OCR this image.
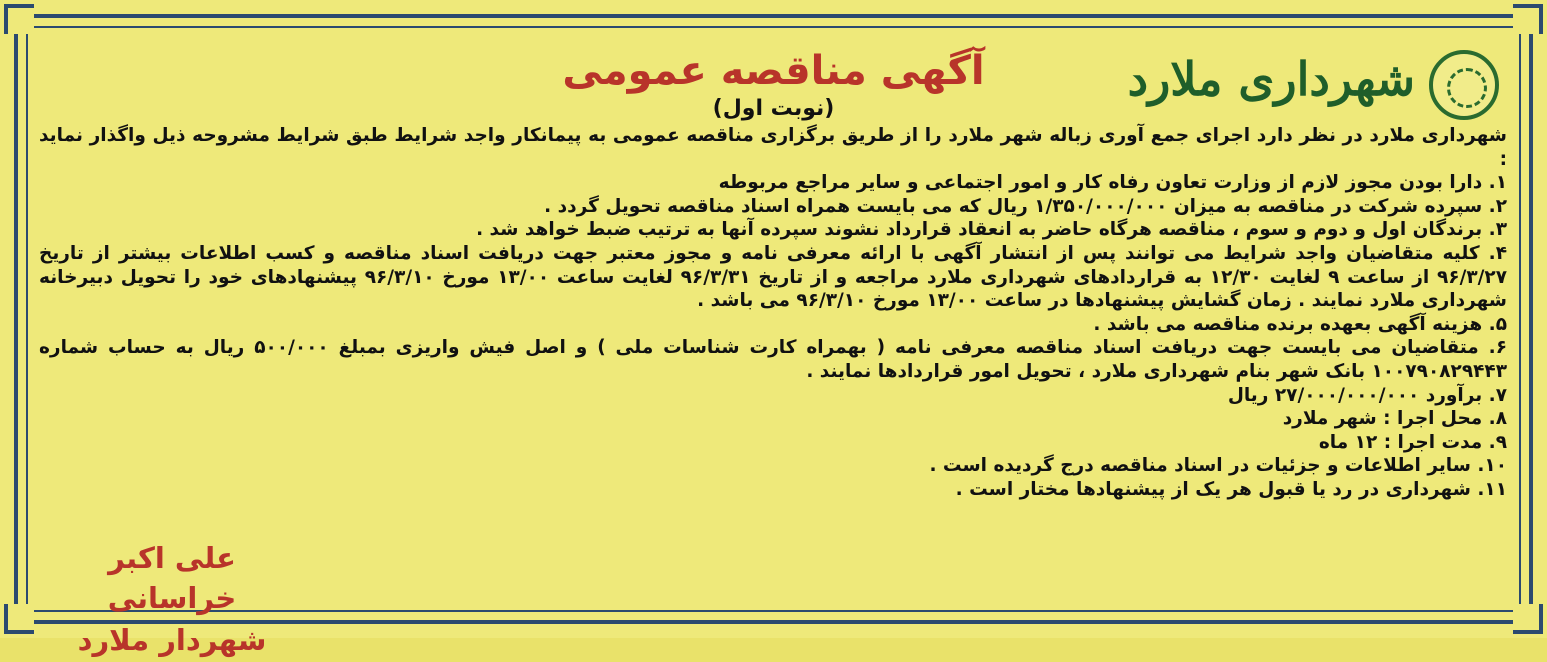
شهرداری ملارد
آگهی مناقصه عمومی
(نوبت اول)

شهرداری ملارد در نظر دارد اجرای جمع آوری زباله شهر ملارد را از طریق برگزاری مناقصه عمومی به پیمانکار واجد شرایط طبق شرایط مشروحه ذیل واگذار نماید :

۱. دارا بودن مجوز لازم از وزارت تعاون رفاه کار و امور اجتماعی و سایر مراجع مربوطه
۲. سپرده شرکت در مناقصه به میزان ۱/۳۵۰/۰۰۰/۰۰۰ ریال که می بایست همراه اسناد مناقصه تحویل گردد .
۳. برندگان اول و دوم و سوم ، مناقصه هرگاه حاضر به انعقاد قرارداد نشوند سپرده آنها به ترتیب ضبط خواهد شد .
۴. کلیه متقاضیان واجد شرایط می توانند پس از انتشار آگهی با ارائه معرفی نامه و مجوز معتبر جهت دریافت اسناد مناقصه و کسب اطلاعات بیشتر از تاریخ ۹۶/۳/۲۷ از ساعت ۹ لغایت ۱۲/۳۰ به قراردادهای شهرداری ملارد مراجعه و از تاریخ ۹۶/۳/۳۱ لغایت ساعت ۱۳/۰۰ مورخ ۹۶/۳/۱۰ پیشنهادهای خود را تحویل دبیرخانه شهرداری ملارد نمایند . زمان گشایش پیشنهادها در ساعت ۱۳/۰۰ مورخ ۹۶/۳/۱۰ می باشد .
۵. هزینه آگهی بعهده برنده مناقصه می باشد .
۶. متقاضیان می بایست جهت دریافت اسناد مناقصه معرفی نامه ( بهمراه کارت شناسات ملی ) و اصل فیش واریزی بمبلغ ۵۰۰/۰۰۰ ریال به حساب شماره ۱۰۰۷۹۰۸۲۹۴۴۳ بانک شهر بنام شهرداری ملارد ، تحویل امور قراردادها نمایند .
۷. برآورد ۲۷/۰۰۰/۰۰۰/۰۰۰ ریال
۸. محل اجرا : شهر ملارد
۹. مدت اجرا : ۱۲ ماه
۱۰. سایر اطلاعات و جزئیات در اسناد مناقصه درج گردیده است .
۱۱. شهرداری در رد یا قبول هر یک از پیشنهادها مختار است .
علی اکبر خراسانی
شهردار ملارد
